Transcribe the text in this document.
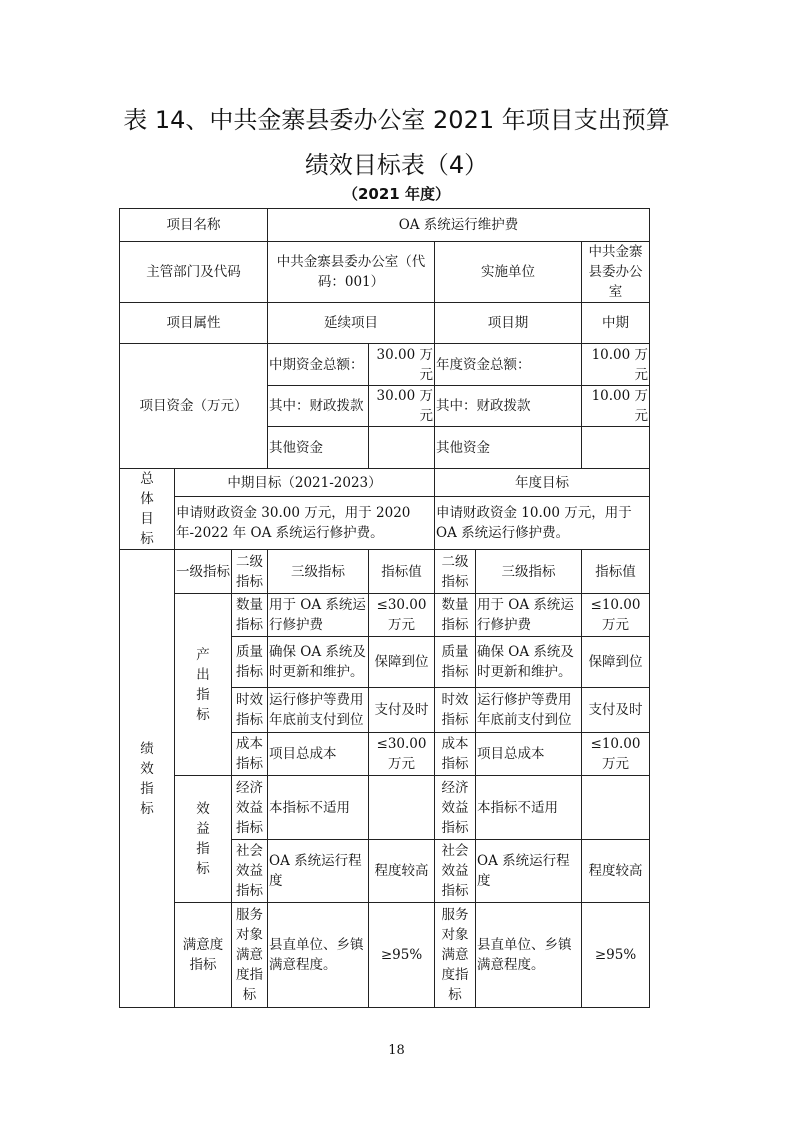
表 14、中共金寨县委办公室 2021 年项目支出预算
绩效目标表（4）
（2021 年度）
项目名称			OA 系统运行维护费				
主管部门及代码			中共金寨县委办公室（代码：001）		实施单位		中共金寨县委办公室
项目属性			延续项目		项目期		中期
项目资金（万元）			中期资金总额：	30.00 万元	年度资金总额：		10.00 万元
			其中：财政拨款	30.00 万元	其中：财政拨款		10.00 万元
			其他资金		其他资金		

总体目标	中期目标（2021-2023）				年度目标		
	申请财政资金 30.00 万元，用于 2020 年-2022 年 OA 系统运行修护费。				申请财政资金 10.00 万元，用于 OA 系统运行修护费。		

绩效指标	一级指标	二级指标	三级指标	指标值	二级指标	三级指标	指标值

	产出指标	数量指标	用于 OA 系统运行修护费	≤30.00 万元	数量指标	用于 OA 系统运行修护费	≤10.00 万元
		质量指标	确保 OA 系统及时更新和维护。	保障到位	质量指标	确保 OA 系统及时更新和维护。	保障到位
		时效指标	运行修护等费用年底前支付到位	支付及时	时效指标	运行修护等费用年底前支付到位	支付及时
		成本指标	项目总成本	≤30.00 万元	成本指标	项目总成本	≤10.00 万元

	效益指标	经济效益指标	本指标不适用		经济效益指标	本指标不适用	
		社会效益指标	OA 系统运行程度	程度较高	社会效益指标	OA 系统运行程度	程度较高

	满意度指标	服务对象满意度指标	县直单位、乡镇满意程度。	≥95%	服务对象满意度指标	县直单位、乡镇满意程度。	≥95%
18
